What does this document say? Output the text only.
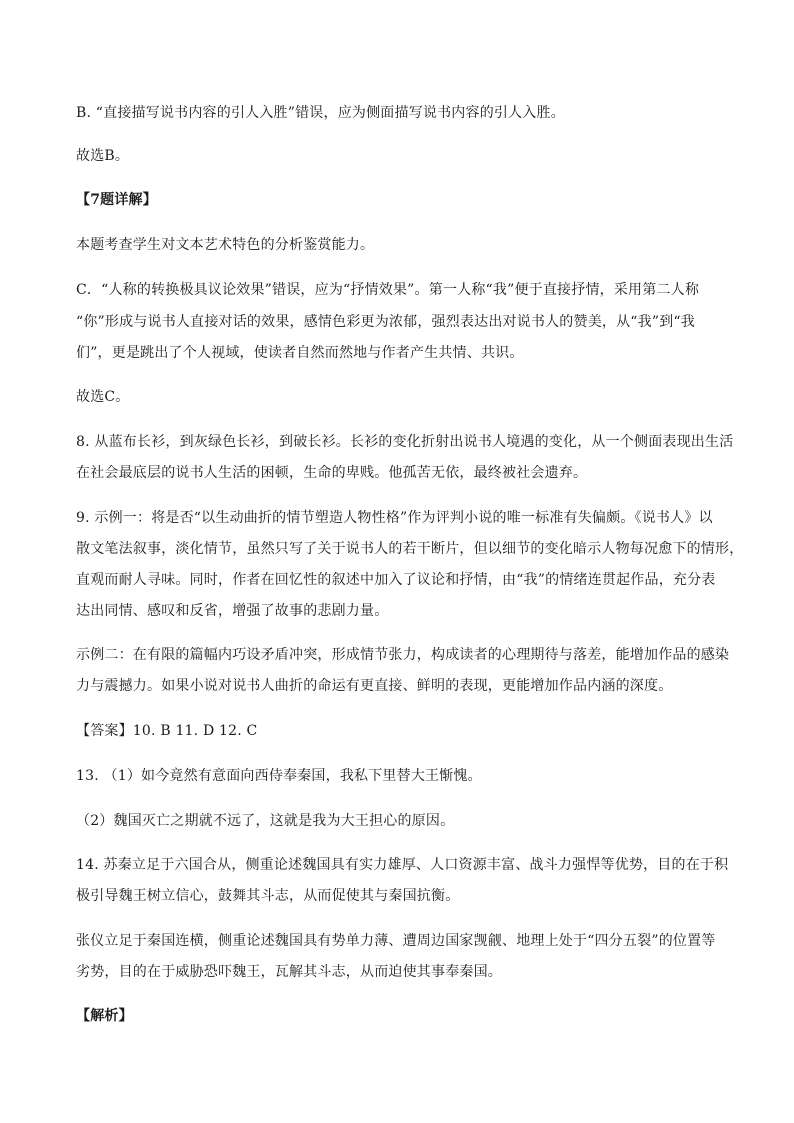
B. “直接描写说书内容的引人入胜”错误，应为侧面描写说书内容的引人入胜。
故选B。
【7题详解】
本题考查学生对文本艺术特色的分析鉴赏能力。
C．“人称的转换极具议论效果”错误，应为“抒情效果”。第一人称“我”便于直接抒情，采用第二人称
“你”形成与说书人直接对话的效果，感情色彩更为浓郁，强烈表达出对说书人的赞美，从“我”到“我
们”，更是跳出了个人视域，使读者自然而然地与作者产生共情、共识。
故选C。
8. 从蓝布长衫，到灰绿色长衫，到破长衫。长衫的变化折射出说书人境遇的变化，从一个侧面表现出生活
在社会最底层的说书人生活的困顿，生命的卑贱。他孤苦无依，最终被社会遗弃。
9. 示例一：将是否“以生动曲折的情节塑造人物性格”作为评判小说的唯一标准有失偏颇。《说书人》以
散文笔法叙事，淡化情节，虽然只写了关于说书人的若干断片，但以细节的变化暗示人物每况愈下的情形，
直观而耐人寻味。同时，作者在回忆性的叙述中加入了议论和抒情，由“我”的情绪连贯起作品，充分表
达出同情、感叹和反省，增强了故事的悲剧力量。
示例二：在有限的篇幅内巧设矛盾冲突，形成情节张力，构成读者的心理期待与落差，能增加作品的感染
力与震撼力。如果小说对说书人曲折的命运有更直接、鲜明的表现，更能增加作品内涵的深度。
【答案】10. B 11. D 12. C
13. （1）如今竟然有意面向西侍奉秦国，我私下里替大王惭愧。
（2）魏国灭亡之期就不远了，这就是我为大王担心的原因。
14. 苏秦立足于六国合从，侧重论述魏国具有实力雄厚、人口资源丰富、战斗力强悍等优势，目的在于积
极引导魏王树立信心，鼓舞其斗志，从而促使其与秦国抗衡。
张仪立足于秦国连横，侧重论述魏国具有势单力薄、遭周边国家觊觎、地理上处于“四分五裂”的位置等
劣势，目的在于威胁恐吓魏王，瓦解其斗志，从而迫使其事奉秦国。
【解析】
